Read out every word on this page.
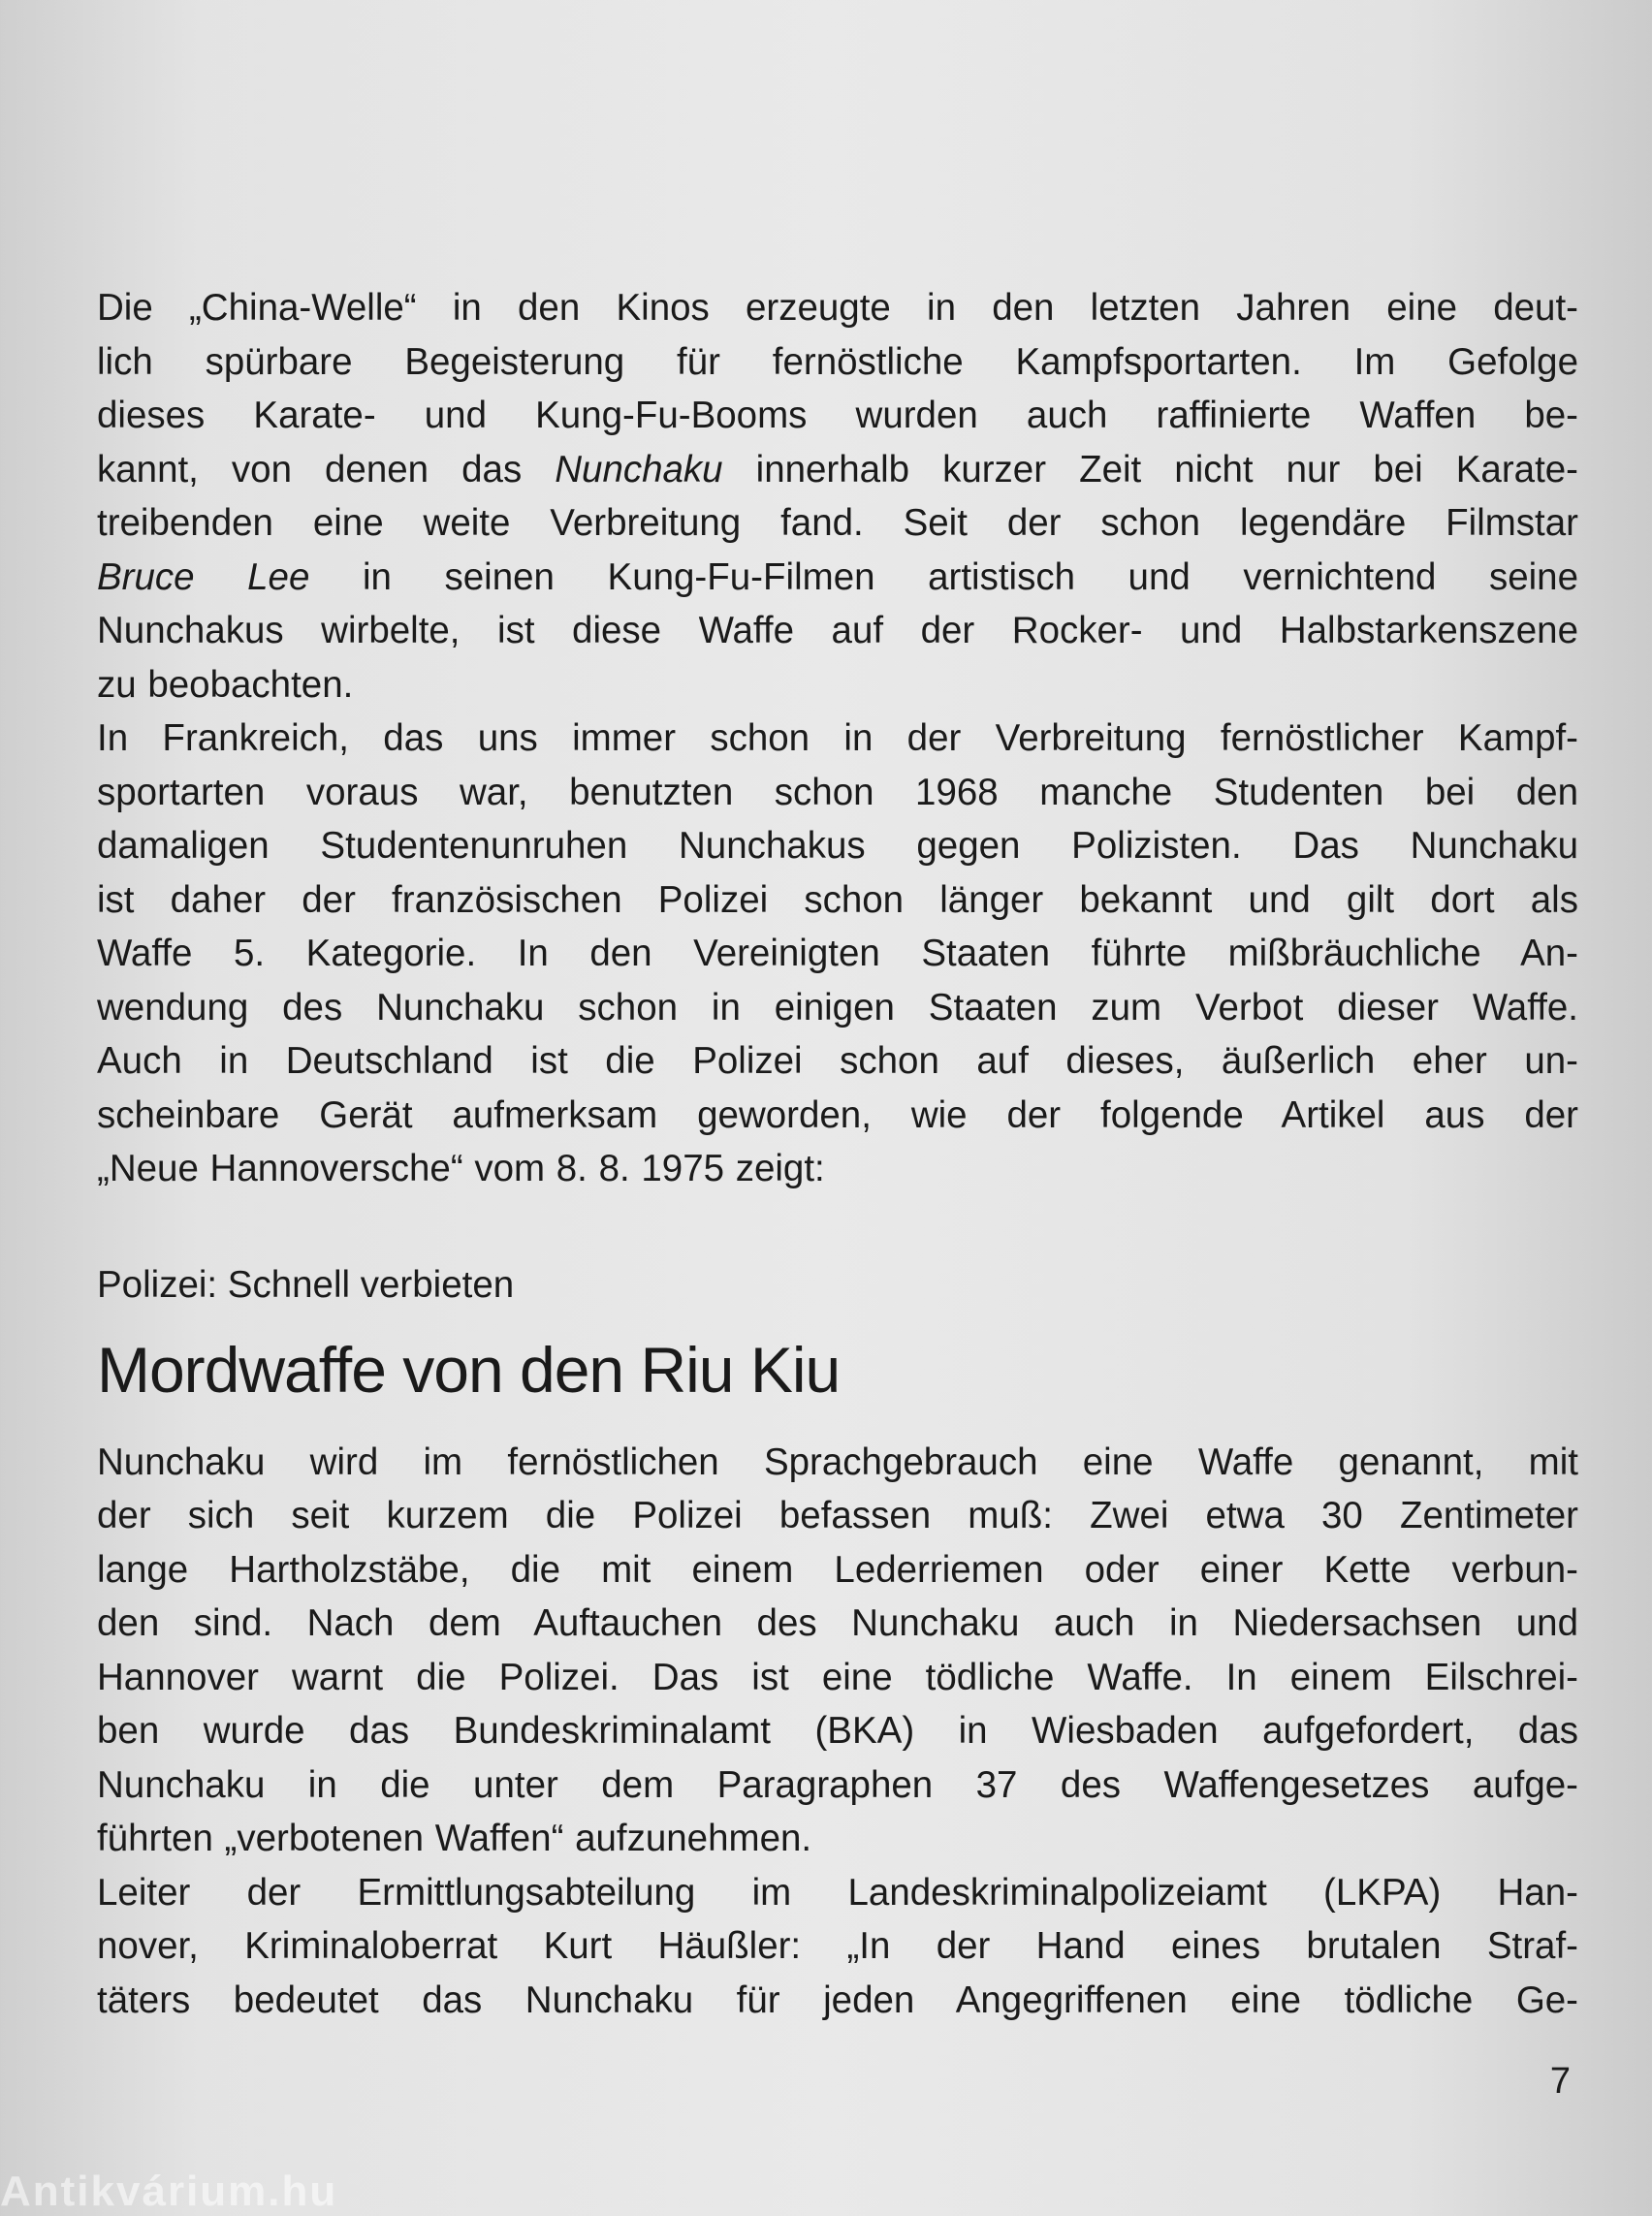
Die „China-Welle“ in den Kinos erzeugte in den letzten Jahren eine deut-
lich spürbare Begeisterung für fernöstliche Kampfsportarten. Im Gefolge
dieses Karate- und Kung-Fu-Booms wurden auch raffinierte Waffen be-
kannt, von denen das Nunchaku innerhalb kurzer Zeit nicht nur bei Karate-
treibenden eine weite Verbreitung fand. Seit der schon legendäre Filmstar
Bruce Lee in seinen Kung-Fu-Filmen artistisch und vernichtend seine
Nunchakus wirbelte, ist diese Waffe auf der Rocker- und Halbstarkenszene
zu beobachten.
In Frankreich, das uns immer schon in der Verbreitung fernöstlicher Kampf-
sportarten voraus war, benutzten schon 1968 manche Studenten bei den
damaligen Studentenunruhen Nunchakus gegen Polizisten. Das Nunchaku
ist daher der französischen Polizei schon länger bekannt und gilt dort als
Waffe 5. Kategorie. In den Vereinigten Staaten führte mißbräuchliche An-
wendung des Nunchaku schon in einigen Staaten zum Verbot dieser Waffe.
Auch in Deutschland ist die Polizei schon auf dieses, äußerlich eher un-
scheinbare Gerät aufmerksam geworden, wie der folgende Artikel aus der
„Neue Hannoversche“ vom 8. 8. 1975 zeigt:
Polizei: Schnell verbieten
Mordwaffe von den Riu Kiu
Nunchaku wird im fernöstlichen Sprachgebrauch eine Waffe genannt, mit
der sich seit kurzem die Polizei befassen muß: Zwei etwa 30 Zentimeter
lange Hartholzstäbe, die mit einem Lederriemen oder einer Kette verbun-
den sind. Nach dem Auftauchen des Nunchaku auch in Niedersachsen und
Hannover warnt die Polizei. Das ist eine tödliche Waffe. In einem Eilschrei-
ben wurde das Bundeskriminalamt (BKA) in Wiesbaden aufgefordert, das
Nunchaku in die unter dem Paragraphen 37 des Waffengesetzes aufge-
führten „verbotenen Waffen“ aufzunehmen.
Leiter der Ermittlungsabteilung im Landeskriminalpolizeiamt (LKPA) Han-
nover, Kriminaloberrat Kurt Häußler: „In der Hand eines brutalen Straf-
täters bedeutet das Nunchaku für jeden Angegriffenen eine tödliche Ge-
7
Antikvárium.hu
